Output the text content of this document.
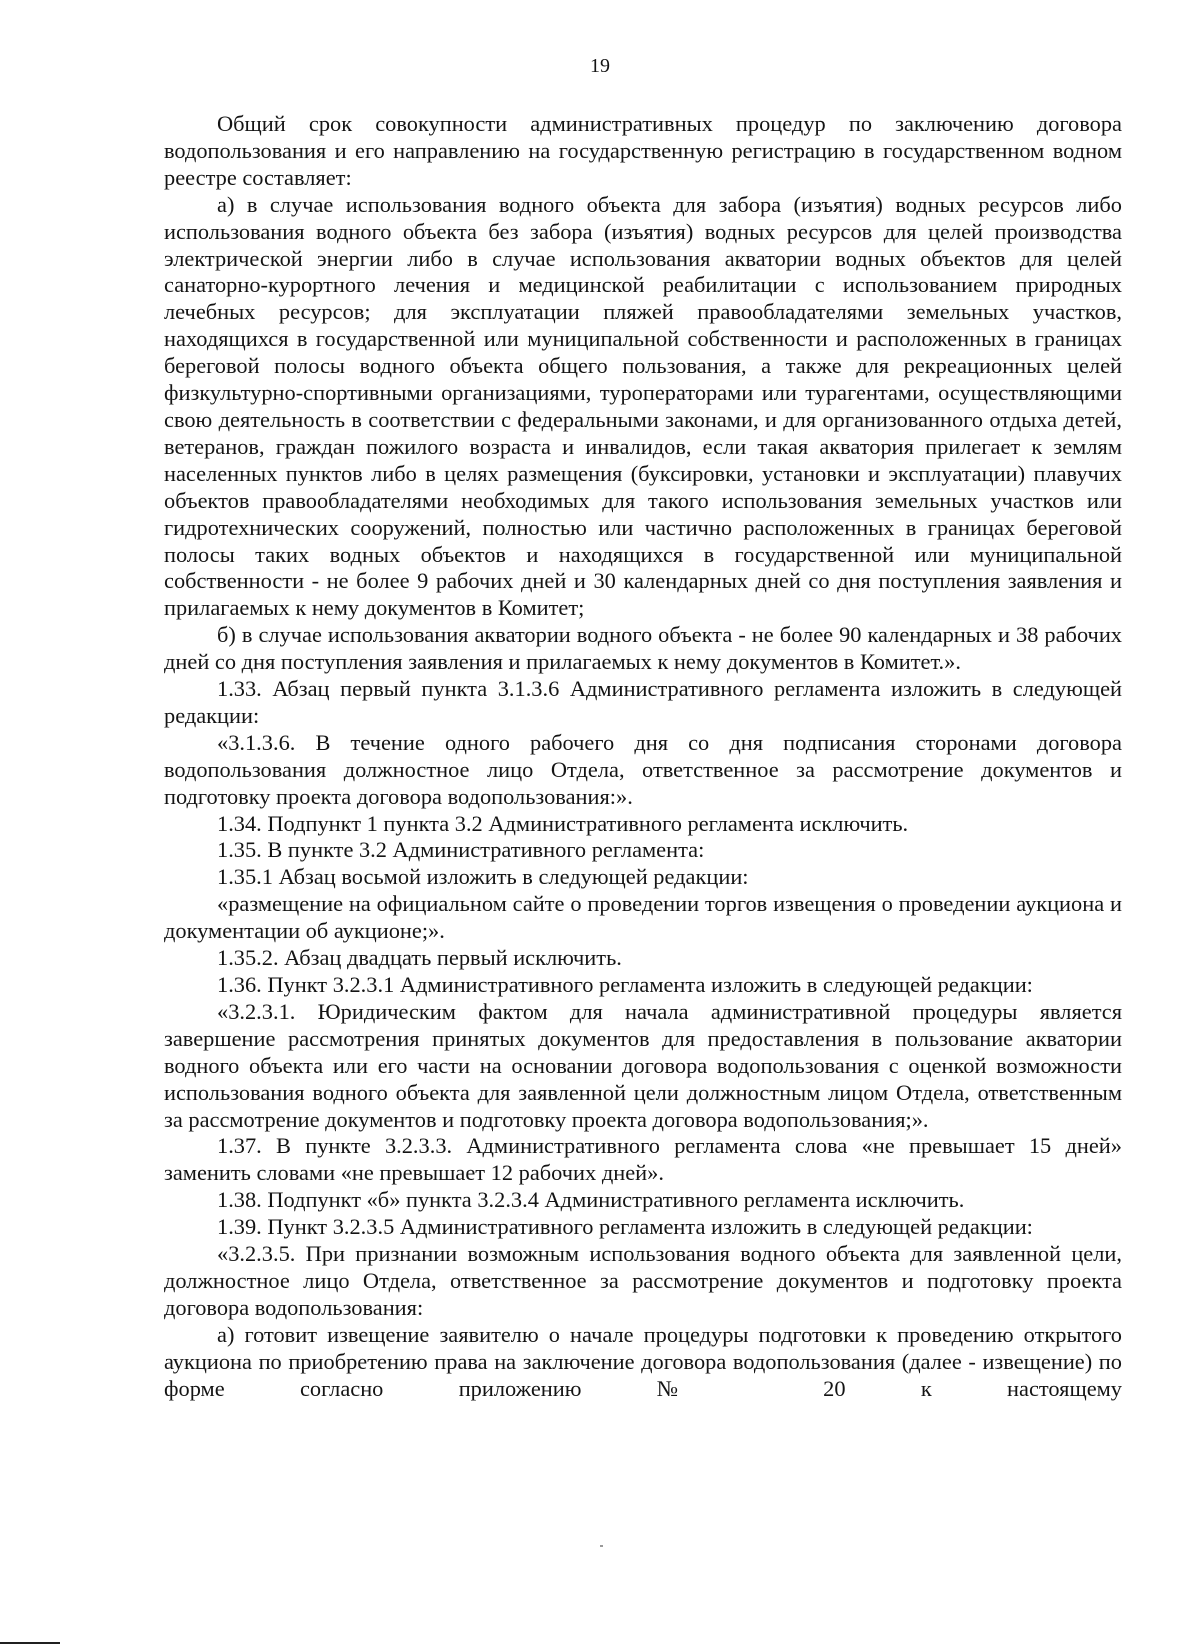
19

Общий срок совокупности административных процедур по заключению договора водопользования и его направлению на государственную регистрацию в государственном водном реестре составляет:

а) в случае использования водного объекта для забора (изъятия) водных ресурсов либо использования водного объекта без забора (изъятия) водных ресурсов для целей производства электрической энергии либо в случае использования акватории водных объектов для целей санаторно-курортного лечения и медицинской реабилитации с использованием природных лечебных ресурсов; для эксплуатации пляжей правообладателями земельных участков, находящихся в государственной или муниципальной собственности и расположенных в границах береговой полосы водного объекта общего пользования, а также для рекреационных целей физкультурно-спортивными организациями, туроператорами или турагентами, осуществляющими свою деятельность в соответствии с федеральными законами, и для организованного отдыха детей, ветеранов, граждан пожилого возраста и инвалидов, если такая акватория прилегает к землям населенных пунктов либо в целях размещения (буксировки, установки и эксплуатации) плавучих объектов правообладателями необходимых для такого использования земельных участков или гидротехнических сооружений, полностью или частично расположенных в границах береговой полосы таких водных объектов и находящихся в государственной или муниципальной собственности - не более 9 рабочих дней и 30 календарных дней со дня поступления заявления и прилагаемых к нему документов в Комитет;

б) в случае использования акватории водного объекта - не более 90 календарных и 38 рабочих дней со дня поступления заявления и прилагаемых к нему документов в Комитет.».

1.33. Абзац первый пункта 3.1.3.6 Административного регламента изложить в следующей редакции:

«3.1.3.6. В течение одного рабочего дня со дня подписания сторонами договора водопользования должностное лицо Отдела, ответственное за рассмотрение документов и подготовку проекта договора водопользования:».

1.34. Подпункт 1 пункта 3.2 Административного регламента исключить.

1.35. В пункте 3.2 Административного регламента:

1.35.1 Абзац восьмой изложить в следующей редакции:

«размещение на официальном сайте о проведении торгов извещения о проведении аукциона и документации об аукционе;».

1.35.2. Абзац двадцать первый исключить.

1.36. Пункт 3.2.3.1 Административного регламента изложить в следующей редакции:

«3.2.3.1. Юридическим фактом для начала административной процедуры является завершение рассмотрения принятых документов для предоставления в пользование акватории водного объекта или его части на основании договора водопользования с оценкой возможности использования водного объекта для заявленной цели должностным лицом Отдела, ответственным за рассмотрение документов и подготовку проекта договора водопользования;».

1.37. В пункте 3.2.3.3. Административного регламента слова «не превышает 15 дней» заменить словами «не превышает 12 рабочих дней».

1.38. Подпункт «б» пункта 3.2.3.4 Административного регламента исключить.

1.39. Пункт 3.2.3.5 Административного регламента изложить в следующей редакции:

«3.2.3.5. При признании возможным использования водного объекта для заявленной цели, должностное лицо Отдела, ответственное за рассмотрение документов и подготовку проекта договора водопользования:

а) готовит извещение заявителю о начале процедуры подготовки к проведению открытого аукциона по приобретению права на заключение договора водопользования (далее - извещение) по форме согласно приложению № 20 к настоящему
